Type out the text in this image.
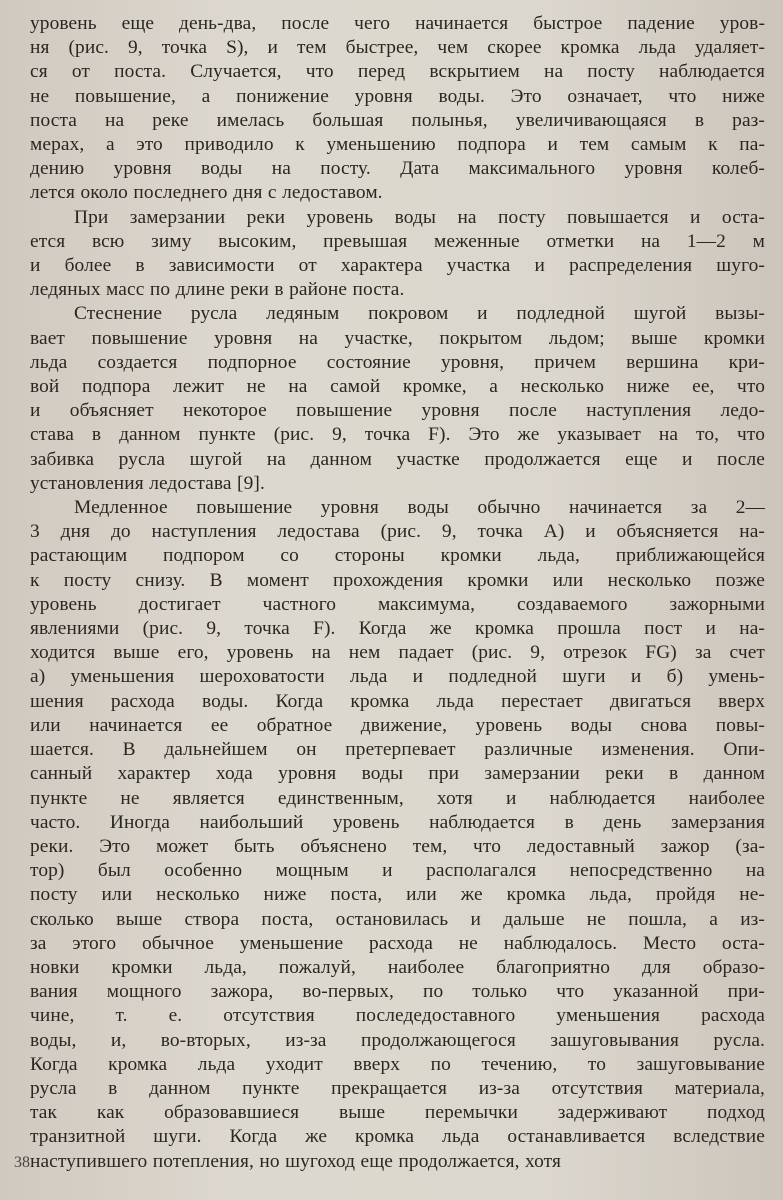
уровень еще день-два, после чего начинается быстрое падение уров-
ня (рис. 9, точка S), и тем быстрее, чем скорее кромка льда удаляет-
ся от поста. Случается, что перед вскрытием на посту наблюдается
не повышение, а понижение уровня воды. Это означает, что ниже
поста на реке имелась большая полынья, увеличивающаяся в раз-
мерах, а это приводило к уменьшению подпора и тем самым к па-
дению уровня воды на посту. Дата максимального уровня колеб-
лется около последнего дня с ледоставом.

При замерзании реки уровень воды на посту повышается и оста-
ется всю зиму высоким, превышая меженные отметки на 1—2 м
и более в зависимости от характера участка и распределения шуго-
ледяных масс по длине реки в районе поста.

Стеснение русла ледяным покровом и подледной шугой вызы-
вает повышение уровня на участке, покрытом льдом; выше кромки
льда создается подпорное состояние уровня, причем вершина кри-
вой подпора лежит не на самой кромке, а несколько ниже ее, что
и объясняет некоторое повышение уровня после наступления ледо-
става в данном пункте (рис. 9, точка F). Это же указывает на то, что
забивка русла шугой на данном участке продолжается еще и после
установления ледостава [9].

Медленное повышение уровня воды обычно начинается за 2—
3 дня до наступления ледостава (рис. 9, точка A) и объясняется на-
растающим подпором со стороны кромки льда, приближающейся
к посту снизу. В момент прохождения кромки или несколько позже
уровень достигает частного максимума, создаваемого зажорными
явлениями (рис. 9, точка F). Когда же кромка прошла пост и на-
ходится выше его, уровень на нем падает (рис. 9, отрезок FG) за счет
а) уменьшения шероховатости льда и подледной шуги и б) умень-
шения расхода воды. Когда кромка льда перестает двигаться вверх
или начинается ее обратное движение, уровень воды снова повы-
шается. В дальнейшем он претерпевает различные изменения. Опи-
санный характер хода уровня воды при замерзании реки в данном
пункте не является единственным, хотя и наблюдается наиболее
часто. Иногда наибольший уровень наблюдается в день замерзания
реки. Это может быть объяснено тем, что ледоставный зажор (за-
тор) был особенно мощным и располагался непосредственно на
посту или несколько ниже поста, или же кромка льда, пройдя не-
сколько выше створа поста, остановилась и дальше не пошла, а из-
за этого обычное уменьшение расхода не наблюдалось. Место оста-
новки кромки льда, пожалуй, наиболее благоприятно для образо-
вания мощного зажора, во-первых, по только что указанной при-
чине, т. е. отсутствия последедоставного уменьшения расхода
воды, и, во-вторых, из-за продолжающегося зашуговывания русла.
Когда кромка льда уходит вверх по течению, то зашуговывание
русла в данном пункте прекращается из-за отсутствия материала,
так как образовавшиеся выше перемычки задерживают подход
транзитной шуги. Когда же кромка льда останавливается вследствие
наступившего потепления, но шугоход еще продолжается, хотя

38
